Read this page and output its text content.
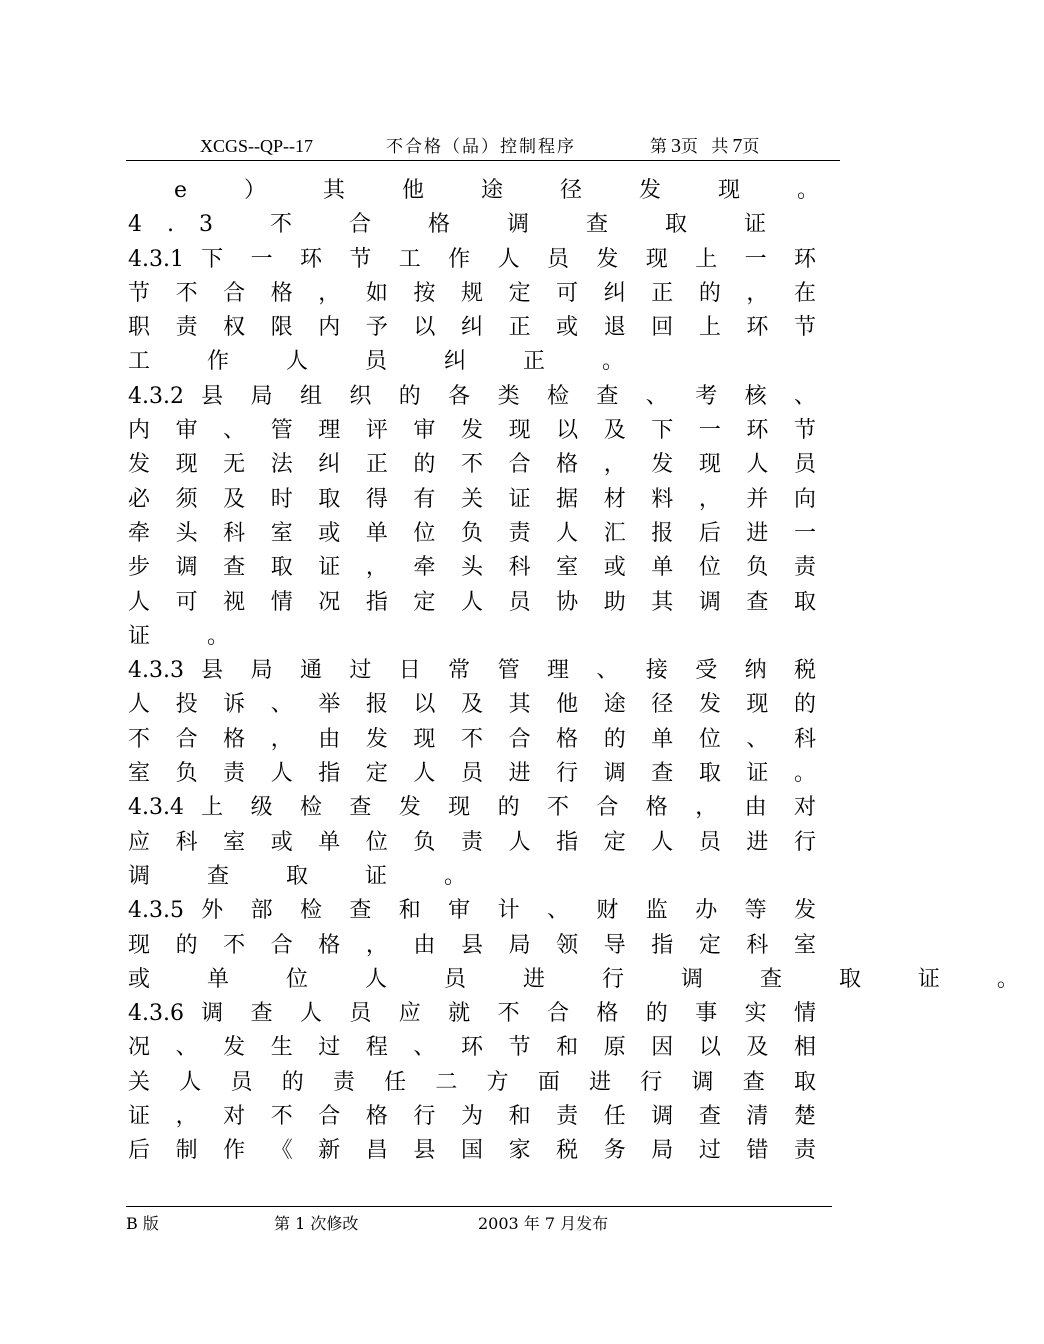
XCGS--QP--17	不合格（品）控制程序	第3页 共7页
e ） 其 他 途 径 发 现 。
4.3 不 合 格 调 查 取 证
4.3.1 下 一 环 节 工 作 人 员 发 现 上 一 环
节 不 合 格 ， 如 按 规 定 可 纠 正 的 ， 在
职 责 权 限 内 予 以 纠 正 或 退 回 上 环 节
工 作 人 员 纠 正 。
4.3.2 县 局 组 织 的 各 类 检 查 、 考 核 、
内 审 、 管 理 评 审 发 现 以 及 下 一 环 节
发 现 无 法 纠 正 的 不 合 格 ， 发 现 人 员
必 须 及 时 取 得 有 关 证 据 材 料 ， 并 向
牵 头 科 室 或 单 位 负 责 人 汇 报 后 进 一
步 调 查 取 证 ， 牵 头 科 室 或 单 位 负 责
人 可 视 情 况 指 定 人 员 协 助 其 调 查 取
证 。
4.3.3 县 局 通 过 日 常 管 理 、 接 受 纳 税
人 投 诉 、 举 报 以 及 其 他 途 径 发 现 的
不 合 格 ， 由 发 现 不 合 格 的 单 位 、 科
室 负 责 人 指 定 人 员 进 行 调 查 取 证 。
4.3.4 上 级 检 查 发 现 的 不 合 格 ， 由 对
应 科 室 或 单 位 负 责 人 指 定 人 员 进 行
调 查 取 证 。
4.3.5 外 部 检 查 和 审 计 、 财 监 办 等 发
现 的 不 合 格 ， 由 县 局 领 导 指 定 科 室
或 单 位 人 员 进 行 调 查 取 证 。
4.3.6 调 查 人 员 应 就 不 合 格 的 事 实 情
况 、 发 生 过 程 、 环 节 和 原 因 以 及 相
关 人 员 的 责 任 二 方 面 进 行 调 查 取
证 ， 对 不 合 格 行 为 和 责 任 调 查 清 楚
后 制 作 《 新 昌 县 国 家 税 务 局 过 错 责
B 版	第 1 次修改	2003 年 7 月发布
